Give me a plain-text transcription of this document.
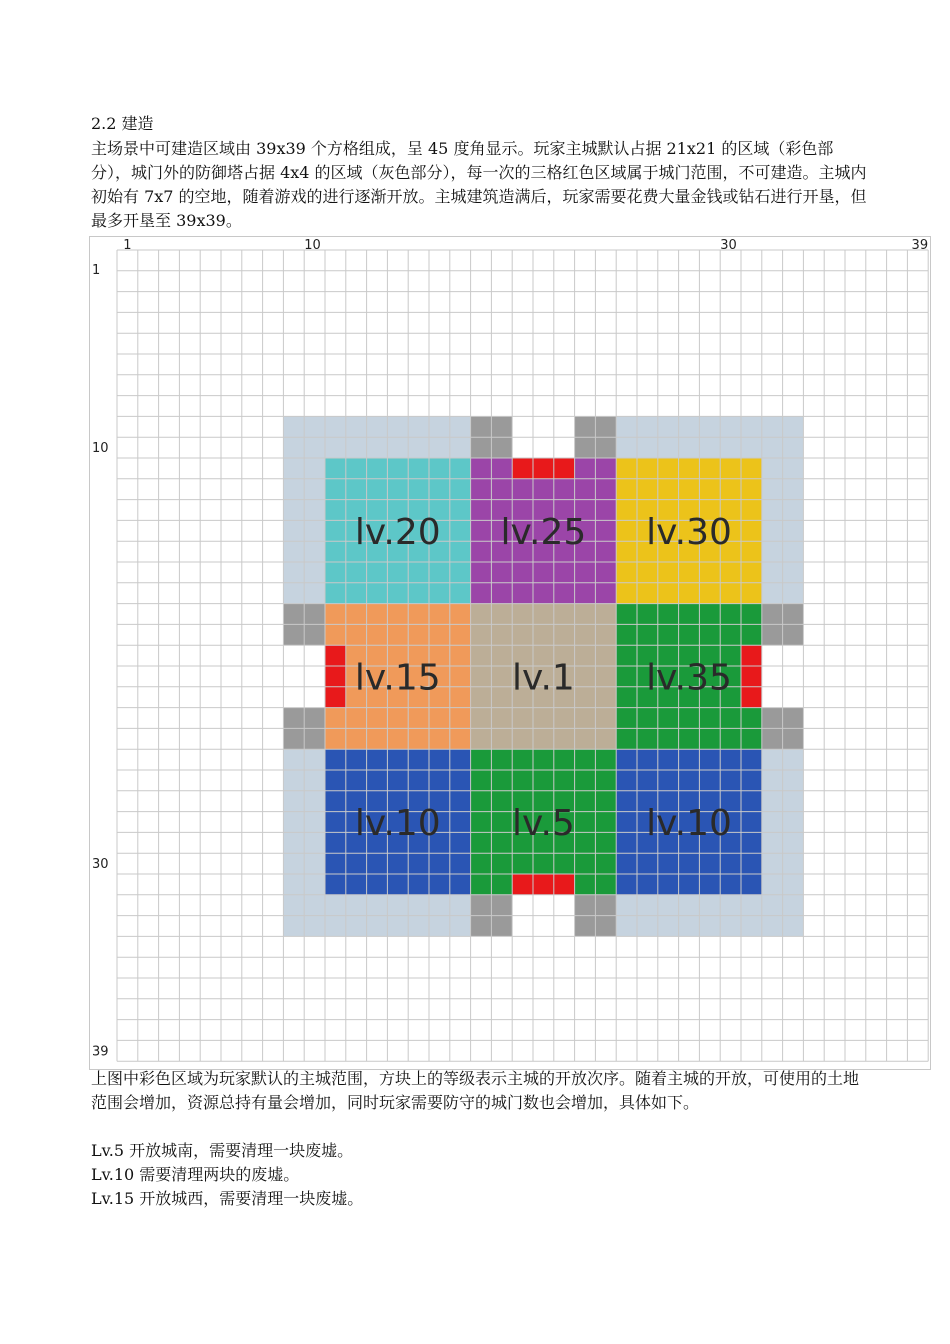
2.2 建造
主场景中可建造区域由 39x39 个方格组成，呈 45 度角显示。玩家主城默认占据 21x21 的区域（彩色部分），城门外的防御塔占据 4x4 的区域（灰色部分），每一次的三格红色区域属于城门范围，不可建造。主城内初始有 7x7 的空地，随着游戏的进行逐渐开放。主城建筑造满后，玩家需要花费大量金钱或钻石进行开垦，但最多开垦至 39x39。
lv.20 lv.25 lv.30
lv.15 lv.1 lv.35
lv.10 lv.5 lv.10
1	10	30	39
1
10
30
39
上图中彩色区域为玩家默认的主城范围，方块上的等级表示主城的开放次序。随着主城的开放，可使用的土地范围会增加，资源总持有量会增加，同时玩家需要防守的城门数也会增加，具体如下。
Lv.5 开放城南，需要清理一块废墟。
Lv.10 需要清理两块的废墟。
Lv.15 开放城西，需要清理一块废墟。
